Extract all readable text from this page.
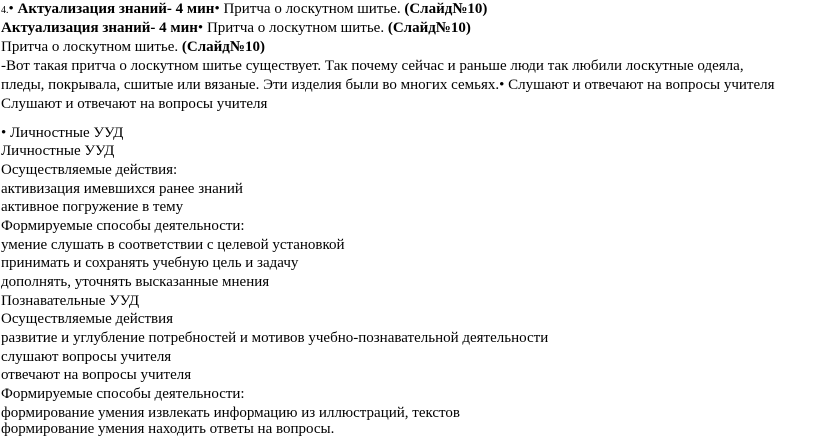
4.• Актуализация знаний- 4 мин• Притча о лоскутном шитье. (Слайд№10)
Актуализация знаний- 4 мин• Притча о лоскутном шитье. (Слайд№10)
Притча о лоскутном шитье. (Слайд№10)
-Вот такая притча о лоскутном шитье существует. Так почему сейчас и раньше люди так любили лоскутные одеяла,
пледы, покрывала, сшитые или вязаные. Эти изделия были во многих семьях.• Слушают и отвечают на вопросы учителя
Слушают и отвечают на вопросы учителя
• Личностные УУД
Личностные УУД
Осуществляемые действия:
активизация имевшихся ранее знаний
активное погружение в тему
Формируемые способы деятельности:
умение слушать в соответствии с целевой установкой
принимать и сохранять учебную цель и задачу
дополнять, уточнять высказанные мнения
Познавательные УУД
Осуществляемые действия
развитие и углубление потребностей и мотивов учебно-познавательной деятельности
слушают вопросы учителя
отвечают на вопросы учителя
Формируемые способы деятельности:
формирование умения извлекать информацию из иллюстраций, текстов
формирование умения находить ответы на вопросы.
